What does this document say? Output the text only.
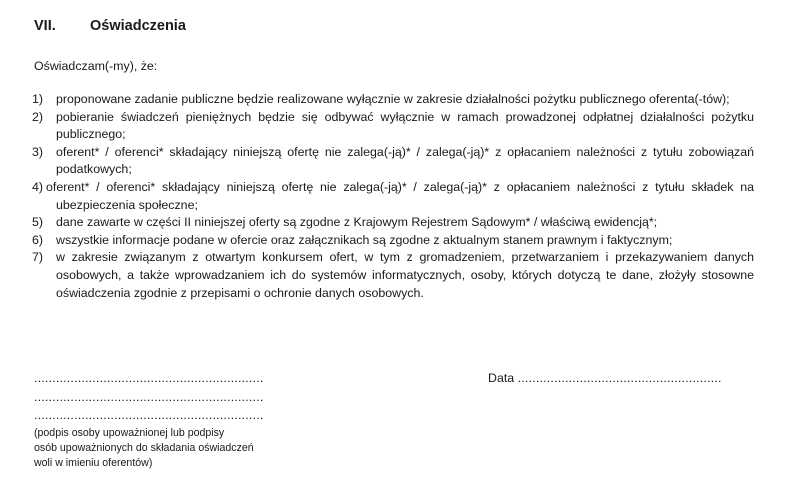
VII. Oświadczenia
Oświadczam(-my), że:
1)	proponowane zadanie publiczne będzie realizowane wyłącznie w zakresie działalności pożytku publicznego oferenta(-tów);
2)	pobieranie świadczeń pieniężnych będzie się odbywać wyłącznie w ramach prowadzonej odpłatnej działalności pożytku publicznego;
3)	oferent* / oferenci* składający niniejszą ofertę nie zalega(-ją)* / zalega(-ją)* z opłacaniem należności z tytułu zobowiązań podatkowych;
4) oferent* / oferenci* składający niniejszą ofertę nie zalega(-ją)* / zalega(-ją)* z opłacaniem należności z tytułu składek na ubezpieczenia społeczne;
5)	dane zawarte w części II niniejszej oferty są zgodne z Krajowym Rejestrem Sądowym* / właściwą ewidencją*;
6)	wszystkie informacje podane w ofercie oraz załącznikach są zgodne z aktualnym stanem prawnym i faktycznym;
7)	w zakresie związanym z otwartym konkursem ofert, w tym z gromadzeniem, przetwarzaniem i przekazywaniem danych osobowych, a także wprowadzaniem ich do systemów informatycznych, osoby, których dotyczą te dane, złożyły stosowne oświadczenia zgodnie z przepisami o ochronie danych osobowych.
...............................................................
...............................................................
...............................................................
(podpis osoby upoważnionej lub podpisy
osób upoważnionych do składania oświadczeń
woli w imieniu oferentów)
Data ........................................................
